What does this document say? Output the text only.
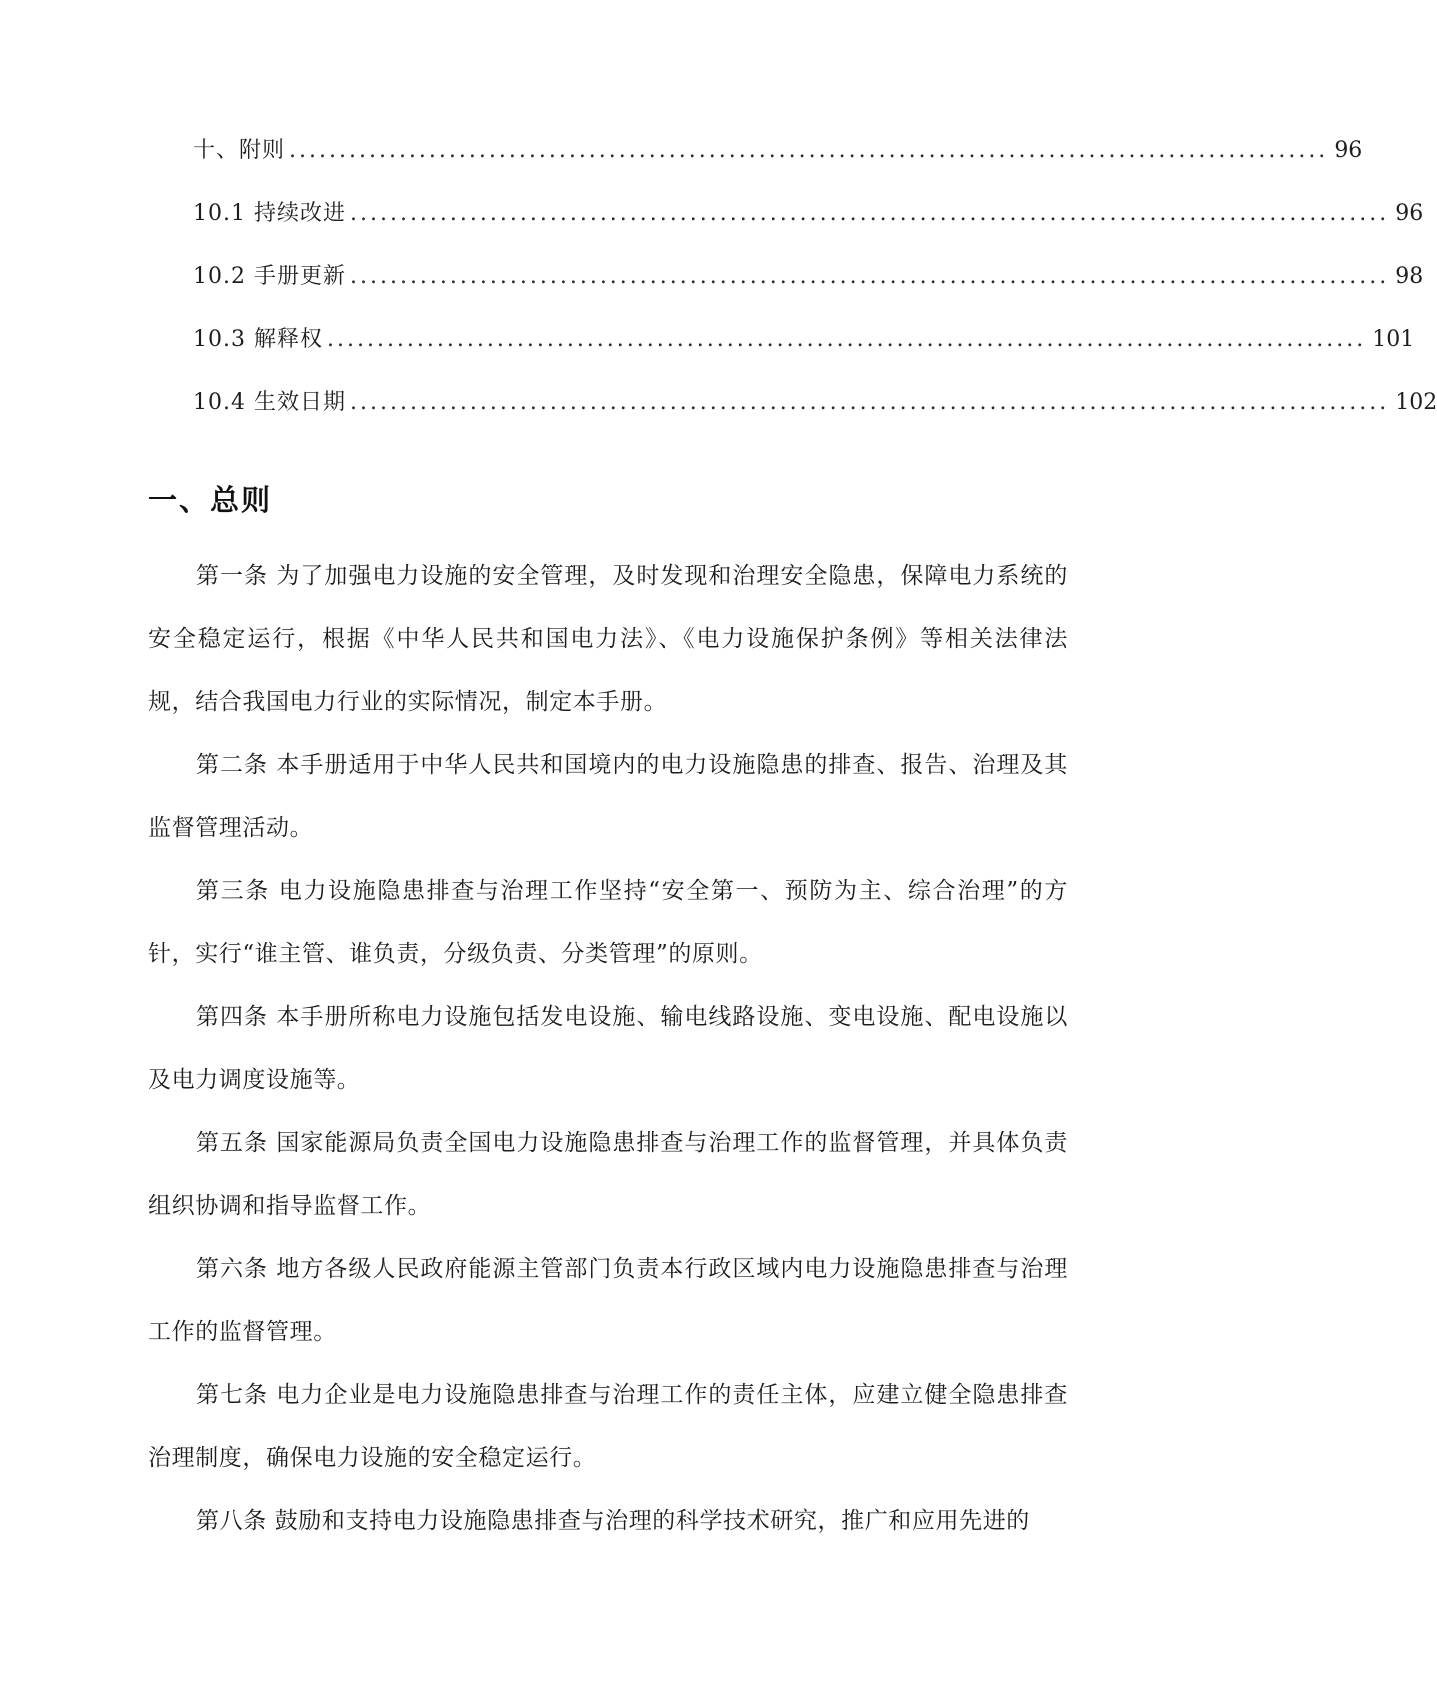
十、附则 ........................................................................................................ 96
10.1 持续改进 ........................................................................................................ 96
10.2 手册更新 ........................................................................................................ 98
10.3 解释权 ........................................................................................................ 101
10.4 生效日期 ........................................................................................................ 102
一、总则

第一条 为了加强电力设施的安全管理，及时发现和治理安全隐患，保障电力系统的安全稳定运行，根据《中华人民共和国电力法》、《电力设施保护条例》等相关法律法规，结合我国电力行业的实际情况，制定本手册。

第二条 本手册适用于中华人民共和国境内的电力设施隐患的排查、报告、治理及其监督管理活动。

第三条 电力设施隐患排查与治理工作坚持“安全第一、预防为主、综合治理”的方针，实行“谁主管、谁负责，分级负责、分类管理”的原则。

第四条 本手册所称电力设施包括发电设施、输电线路设施、变电设施、配电设施以及电力调度设施等。

第五条 国家能源局负责全国电力设施隐患排查与治理工作的监督管理，并具体负责组织协调和指导监督工作。

第六条 地方各级人民政府能源主管部门负责本行政区域内电力设施隐患排查与治理工作的监督管理。

第七条 电力企业是电力设施隐患排查与治理工作的责任主体，应建立健全隐患排查治理制度，确保电力设施的安全稳定运行。

第八条 鼓励和支持电力设施隐患排查与治理的科学技术研究，推广和应用先进的
